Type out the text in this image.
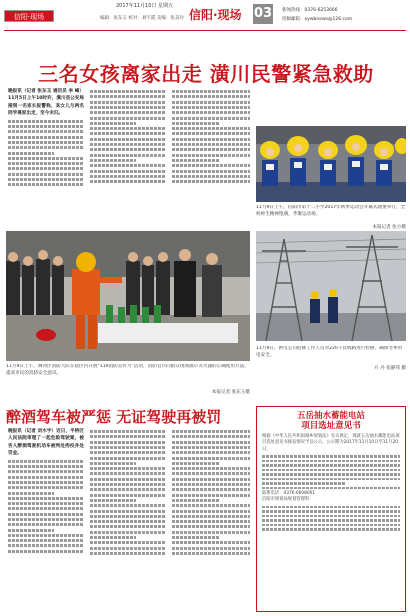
2017年11月10日 星期五
信阳·现场	编辑：张东玉 校对：刘宇霞 美编：张美玲 信阳·现场 03 新闻热线：0376-6253666
投稿邮箱：xywbnews@126.com
三名女孩离家出走 潢川民警紧急救助
晚报讯（记者 张东玉 通讯员 李 峰）11月5日上午10时许，潢川县公安局接到一名家长报警称，其女儿与两名同学离家出走，至今未归。
11月9日上午，信阳市第十二小学2017年秋季运动会开幕式隆重举行，全校师生精神饱满，齐聚运动场。
本报记者 张方摄
11月9日上午，浉河区消防大队在辖区内开展“119消防宣传月”活动，消防官兵向群众现场演示灭火器的正确使用方法，提高市民的消防安全意识。
本报记者 张东玉摄
11月9日，供电公司抢修工作人员对220千伏线路进行检修，确保冬季用电安全。
方 丹 张静伟 摄
醉酒驾车被严惩 无证驾驶再被罚
晚报讯（记者 刘水宇）近日，平桥区人民法院审理了一起危险驾驶案，被告人醉酒驾驶机动车被判处拘役并处罚金。
五岳抽水蓄能电站
项目选址意见书
根据《中华人民共和国城乡规划法》有关规定，现就五岳抽水蓄能电站项目选址意见书核发情况予以公示，公示期为2017年11月10日至11月20日。
联系电话：0376-6608061
信阳市规划局规划管理科
